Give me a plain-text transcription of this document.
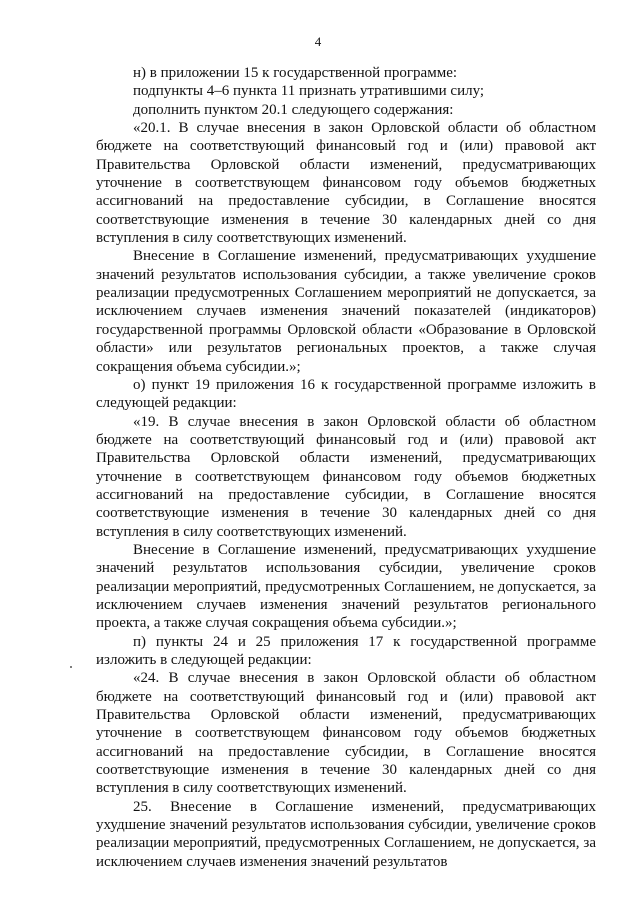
4

н) в приложении 15 к государственной программе:

подпункты 4–6 пункта 11 признать утратившими силу;

дополнить пунктом 20.1 следующего содержания:

«20.1. В случае внесения в закон Орловской области об областном бюджете на соответствующий финансовый год и (или) правовой акт Правительства Орловской области изменений, предусматривающих уточнение в соответствующем финансовом году объемов бюджетных ассигнований на предоставление субсидии, в Соглашение вносятся соответствующие изменения в течение 30 календарных дней со дня вступления в силу соответствующих изменений.

Внесение в Соглашение изменений, предусматривающих ухудшение значений результатов использования субсидии, а также увеличение сроков реализации предусмотренных Соглашением мероприятий не допускается, за исключением случаев изменения значений показателей (индикаторов) государственной программы Орловской области «Образование в Орловской области» или результатов региональных проектов, а также случая сокращения объема субсидии.»;

о) пункт 19 приложения 16 к государственной программе изложить в следующей редакции:

«19. В случае внесения в закон Орловской области об областном бюджете на соответствующий финансовый год и (или) правовой акт Правительства Орловской области изменений, предусматривающих уточнение в соответствующем финансовом году объемов бюджетных ассигнований на предоставление субсидии, в Соглашение вносятся соответствующие изменения в течение 30 календарных дней со дня вступления в силу соответствующих изменений.

Внесение в Соглашение изменений, предусматривающих ухудшение значений результатов использования субсидии, увеличение сроков реализации мероприятий, предусмотренных Соглашением, не допускается, за исключением случаев изменения значений результатов регионального проекта, а также случая сокращения объема субсидии.»;

п) пункты 24 и 25 приложения 17 к государственной программе изложить в следующей редакции:

«24. В случае внесения в закон Орловской области об областном бюджете на соответствующий финансовый год и (или) правовой акт Правительства Орловской области изменений, предусматривающих уточнение в соответствующем финансовом году объемов бюджетных ассигнований на предоставление субсидии, в Соглашение вносятся соответствующие изменения в течение 30 календарных дней со дня вступления в силу соответствующих изменений.

25. Внесение в Соглашение изменений, предусматривающих ухудшение значений результатов использования субсидии, увеличение сроков реализации мероприятий, предусмотренных Соглашением, не допускается, за исключением случаев изменения значений результатов
